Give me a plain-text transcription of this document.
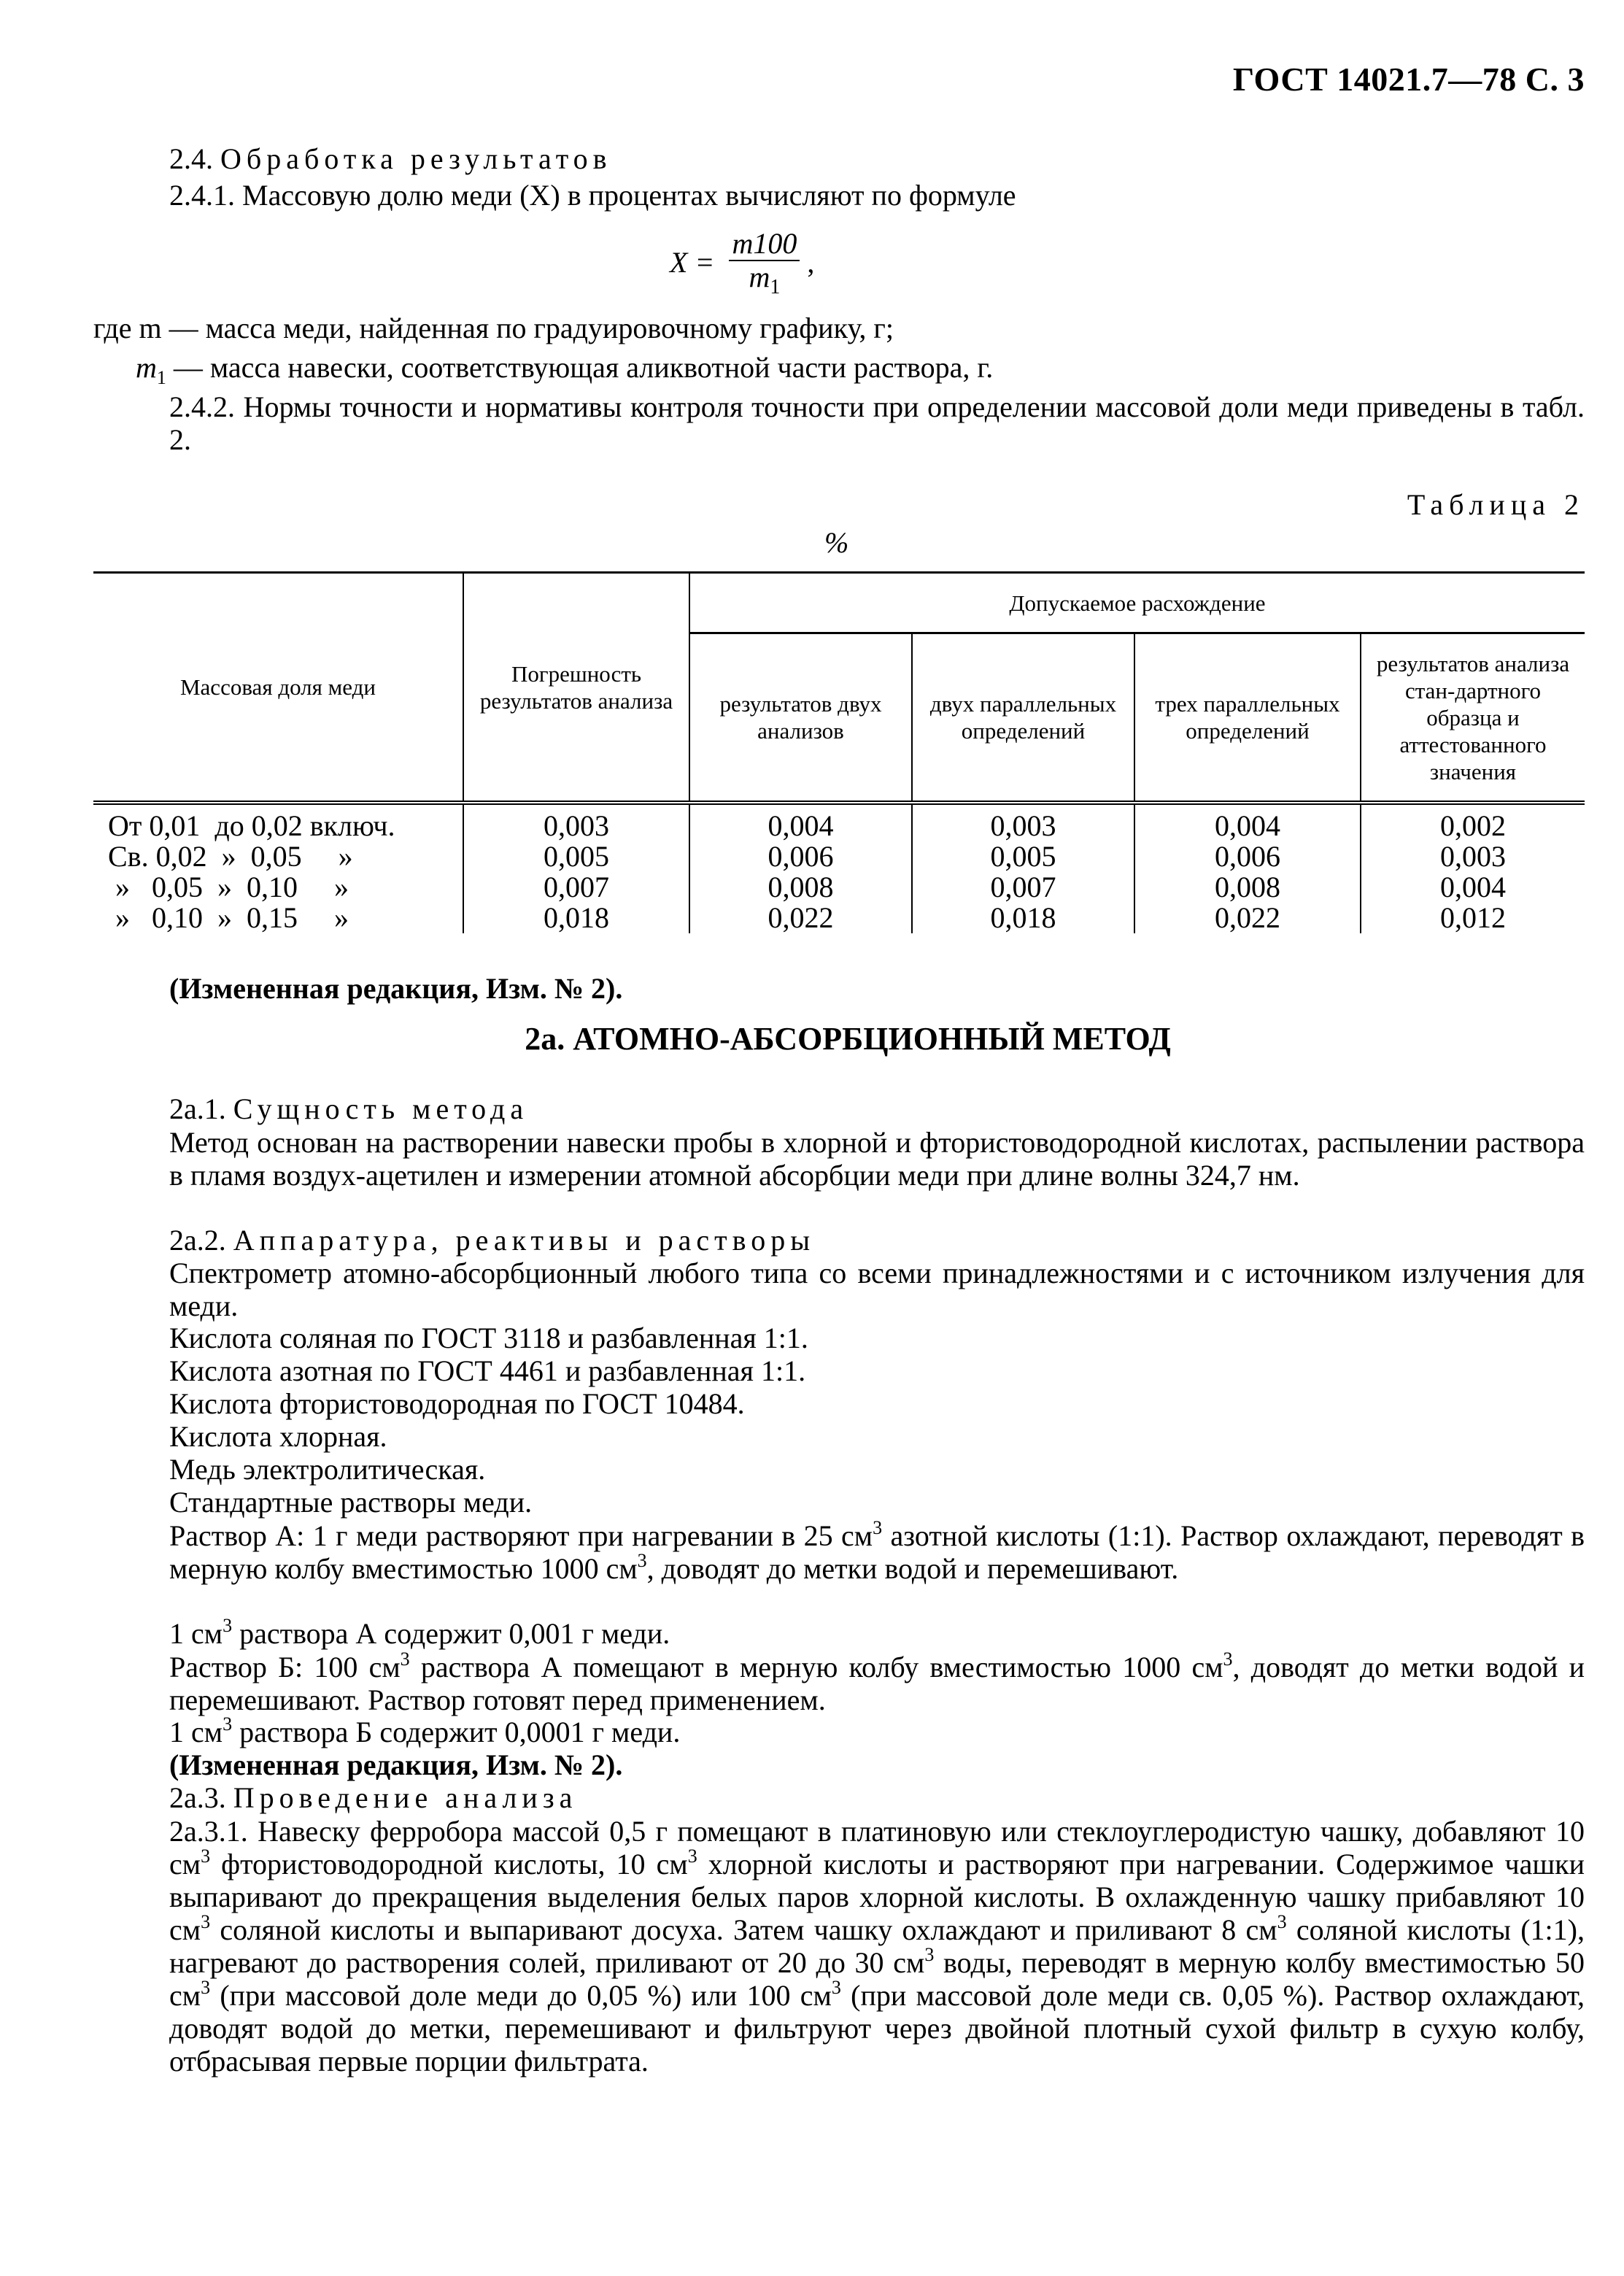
ГОСТ 14021.7—78 С. 3
2.4. Обработка результатов
2.4.1. Массовую долю меди (X) в процентах вычисляют по формуле
$X = \frac{m100}{m_1}$ ,
где m — масса меди, найденная по градуировочному графику, г;
$m_1$ — масса навески, соответствующая аликвотной части раствора, г.
2.4.2. Нормы точности и нормативы контроля точности при определении массовой доли меди приведены в табл. 2.
Таблица 2
%
Массовая доля меди	Погрешность результатов анализа	Допускаемое расхождение			
		результатов двух анализов	двух параллельных определений	трех параллельных определений	результатов анализа стан-дартного образца и аттестованного значения
От 0,01  до 0,02 включ.	0,003	0,004	0,003	0,004	0,002
Св. 0,02  »  0,05     »	0,005	0,006	0,005	0,006	0,003
»   0,05  »  0,10     »	0,007	0,008	0,007	0,008	0,004
»   0,10  »  0,15     »	0,018	0,022	0,018	0,022	0,012
(Измененная редакция, Изм. № 2).
2а. АТОМНО-АБСОРБЦИОННЫЙ МЕТОД
2а.1. Сущность метода
Метод основан на растворении навески пробы в хлорной и фтористоводородной кислотах, распылении раствора в пламя воздух-ацетилен и измерении атомной абсорбции меди при длине волны 324,7 нм.
2а.2. Аппаратура, реактивы и растворы
Спектрометр атомно-абсорбционный любого типа со всеми принадлежностями и с источником излучения для меди.
Кислота соляная по ГОСТ 3118 и разбавленная 1:1.
Кислота азотная по ГОСТ 4461 и разбавленная 1:1.
Кислота фтористоводородная по ГОСТ 10484.
Кислота хлорная.
Медь электролитическая.
Стандартные растворы меди.
Раствор А: 1 г меди растворяют при нагревании в 25 $см^3$ азотной кислоты (1:1). Раствор охлаждают, переводят в мерную колбу вместимостью 1000 $см^3$, доводят до метки водой и перемешивают.
1 $см^3$ раствора А содержит 0,001 г меди.
Раствор Б: 100 $см^3$ раствора А помещают в мерную колбу вместимостью 1000 $см^3$, доводят до метки водой и перемешивают. Раствор готовят перед применением.
1 $см^3$ раствора Б содержит 0,0001 г меди.
(Измененная редакция, Изм. № 2).
2а.3. Проведение анализа
2а.3.1. Навеску ферробора массой 0,5 г помещают в платиновую или стеклоуглеродистую чашку, добавляют 10 $см^3$ фтористоводородной кислоты, 10 $см^3$ хлорной кислоты и растворяют при нагревании. Содержимое чашки выпаривают до прекращения выделения белых паров хлорной кислоты. В охлажденную чашку прибавляют 10 $см^3$ соляной кислоты и выпаривают досуха. Затем чашку охлаждают и приливают 8 $см^3$ соляной кислоты (1:1), нагревают до растворения солей, приливают от 20 до 30 $см^3$ воды, переводят в мерную колбу вместимостью 50 $см^3$ (при массовой доле меди до 0,05 %) или 100 $см^3$ (при массовой доле меди св. 0,05 %). Раствор охлаждают, доводят водой до метки, перемешивают и фильтруют через двойной плотный сухой фильтр в сухую колбу, отбрасывая первые порции фильтрата.
